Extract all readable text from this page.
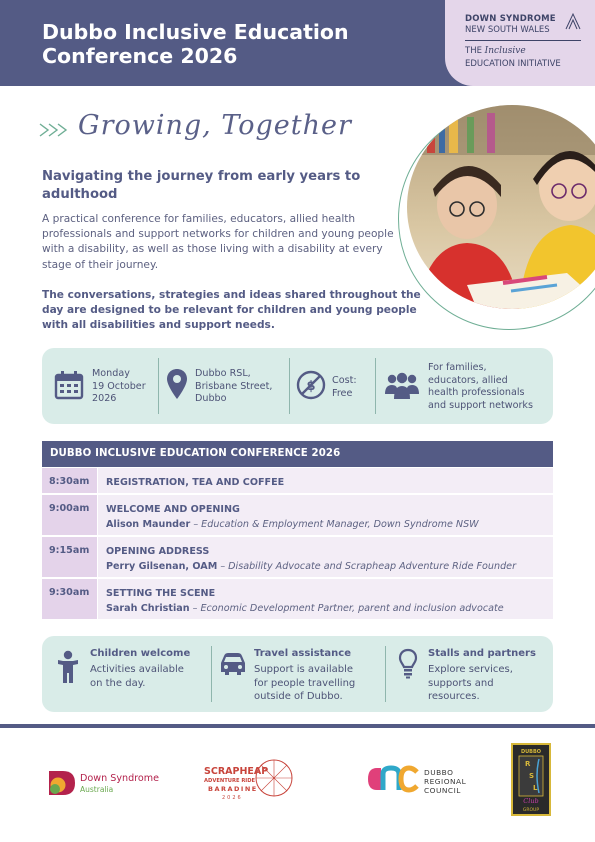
Dubbo Inclusive Education
Conference 2026
DOWN SYNDROME
NEW SOUTH WALES
THE Inclusive
EDUCATION INITIATIVE
Growing, Together
Navigating the journey from early years to adulthood
A practical conference for families, educators, allied health professionals and support networks for children and young people with a disability, as well as those living with a disability at every stage of their journey.
The conversations, strategies and ideas shared throughout the day are designed to be relevant for children and young people with all disabilities and support needs.
Monday
19 October
2026
Dubbo RSL,
Brisbane Street,
Dubbo
$ Cost:
Free
For families,
educators, allied
health professionals
and support networks
DUBBO INCLUSIVE EDUCATION CONFERENCE 2026
8:30am	REGISTRATION, TEA AND COFFEE
9:00am	WELCOME AND OPENING
Alison Maunder – Education & Employment Manager, Down Syndrome NSW
9:15am	OPENING ADDRESS
Perry Gilsenan, OAM – Disability Advocate and Scrapheap Adventure Ride Founder
9:30am	SETTING THE SCENE
Sarah Christian – Economic Development Partner, parent and inclusion advocate
Children welcome
Activities available
on the day.
Travel assistance
Support is available
for people travelling
outside of Dubbo.
Stalls and partners
Explore services,
supports and
resources.
Down Syndrome
Australia
SCRAPHEAP
ADVENTURE RIDE
BARADINE
2026
DUBBO
REGIONAL
COUNCIL
DUBBO
R
S
L
Club
GROUP
